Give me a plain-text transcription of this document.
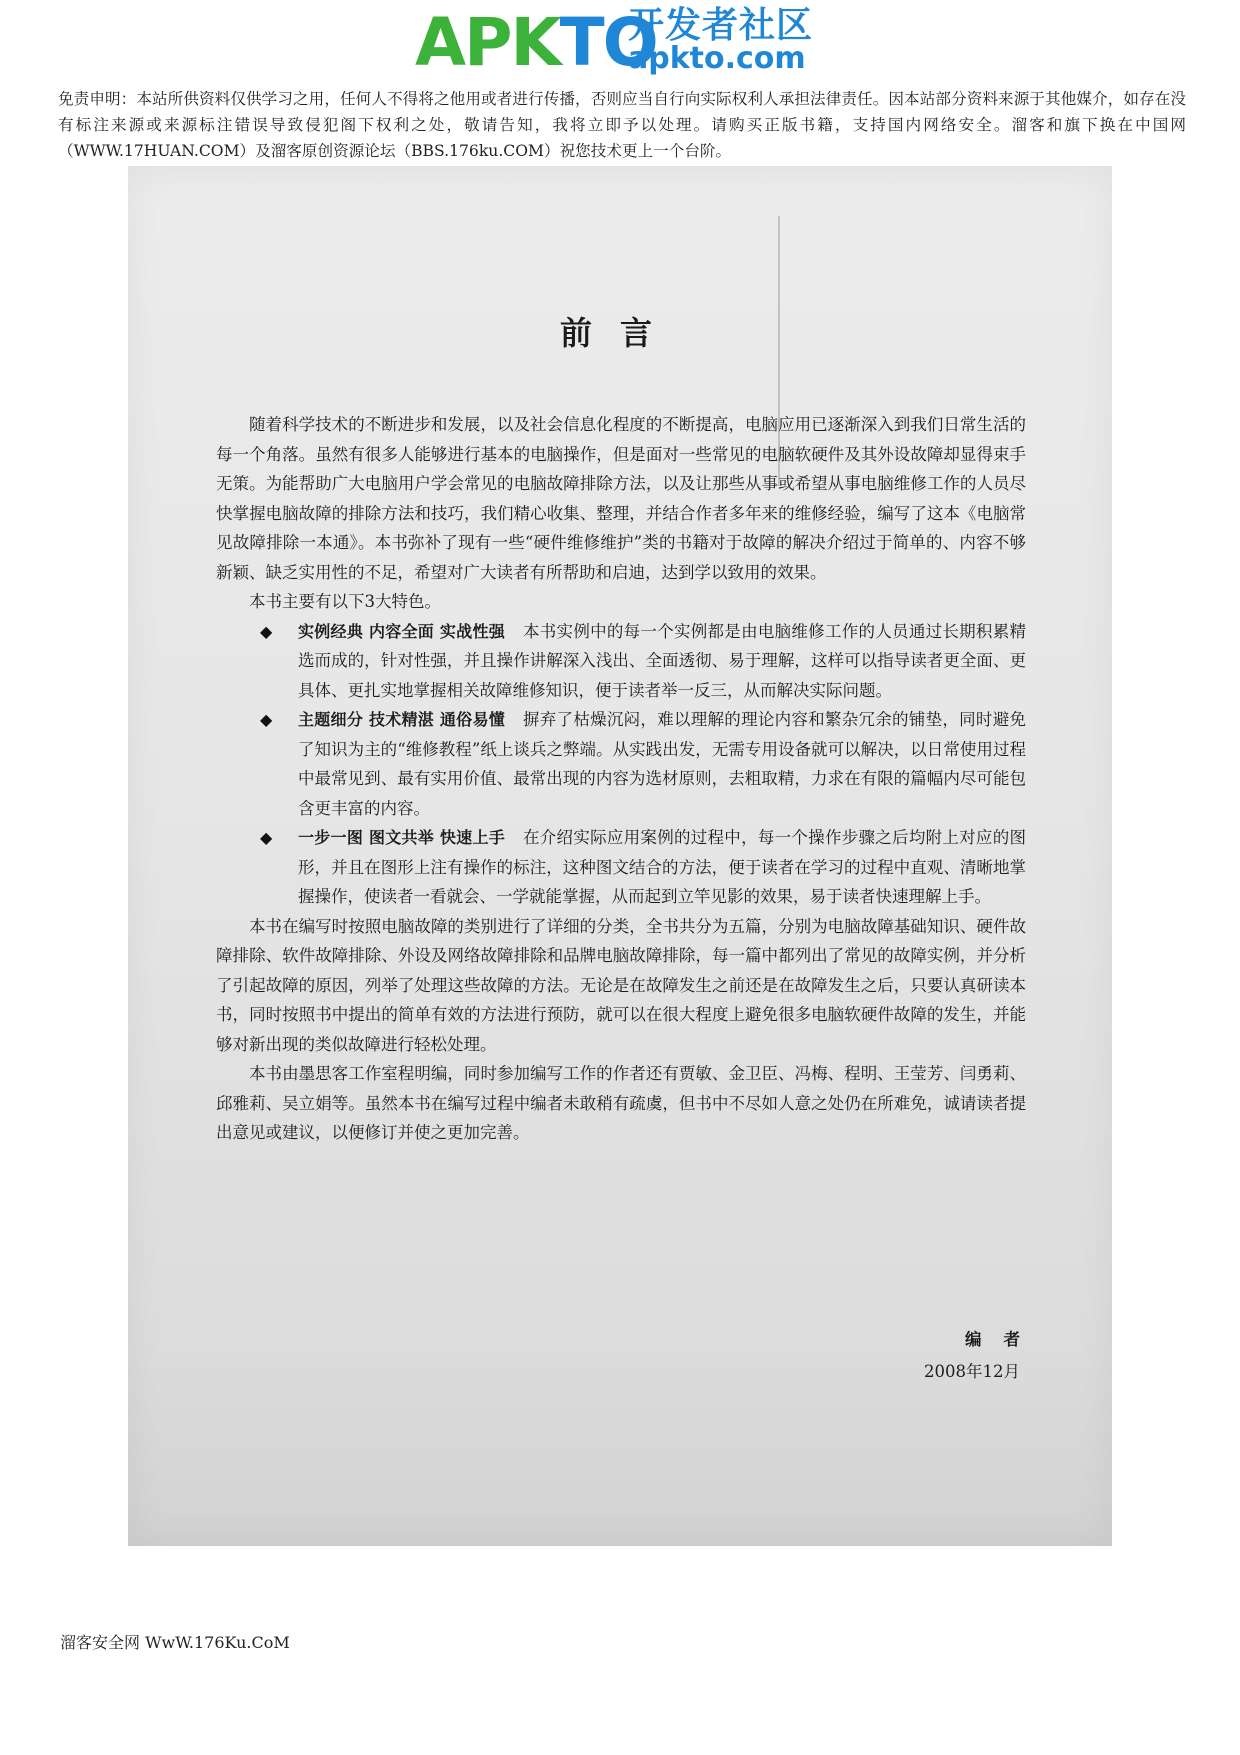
APKTO
开发者社区
apkto.com
免责申明：本站所供资料仅供学习之用，任何人不得将之他用或者进行传播，否则应当自行向实际权利人承担法律责任。因本站部分资料来源于其他媒介，如存在没有标注来源或来源标注错误导致侵犯阁下权利之处，敬请告知，我将立即予以处理。请购买正版书籍，支持国内网络安全。溜客和旗下换在中国网（WWW.17HUAN.COM）及溜客原创资源论坛（BBS.176ku.COM）祝您技术更上一个台阶。
前言

随着科学技术的不断进步和发展，以及社会信息化程度的不断提高，电脑应用已逐渐深入到我们日常生活的每一个角落。虽然有很多人能够进行基本的电脑操作，但是面对一些常见的电脑软硬件及其外设故障却显得束手无策。为能帮助广大电脑用户学会常见的电脑故障排除方法，以及让那些从事或希望从事电脑维修工作的人员尽快掌握电脑故障的排除方法和技巧，我们精心收集、整理，并结合作者多年来的维修经验，编写了这本《电脑常见故障排除一本通》。本书弥补了现有一些“硬件维修维护”类的书籍对于故障的解决介绍过于简单的、内容不够新颖、缺乏实用性的不足，希望对广大读者有所帮助和启迪，达到学以致用的效果。

本书主要有以下3大特色。

◆ 实例经典 内容全面 实战性强 本书实例中的每一个实例都是由电脑维修工作的人员通过长期积累精选而成的，针对性强，并且操作讲解深入浅出、全面透彻、易于理解，这样可以指导读者更全面、更具体、更扎实地掌握相关故障维修知识，便于读者举一反三，从而解决实际问题。

◆ 主题细分 技术精湛 通俗易懂 摒弃了枯燥沉闷，难以理解的理论内容和繁杂冗余的铺垫，同时避免了知识为主的“维修教程”纸上谈兵之弊端。从实践出发，无需专用设备就可以解决，以日常使用过程中最常见到、最有实用价值、最常出现的内容为选材原则，去粗取精，力求在有限的篇幅内尽可能包含更丰富的内容。

◆ 一步一图 图文共举 快速上手 在介绍实际应用案例的过程中，每一个操作步骤之后均附上对应的图形，并且在图形上注有操作的标注，这种图文结合的方法，便于读者在学习的过程中直观、清晰地掌握操作，使读者一看就会、一学就能掌握，从而起到立竿见影的效果，易于读者快速理解上手。

本书在编写时按照电脑故障的类别进行了详细的分类，全书共分为五篇，分别为电脑故障基础知识、硬件故障排除、软件故障排除、外设及网络故障排除和品牌电脑故障排除，每一篇中都列出了常见的故障实例，并分析了引起故障的原因，列举了处理这些故障的方法。无论是在故障发生之前还是在故障发生之后，只要认真研读本书，同时按照书中提出的简单有效的方法进行预防，就可以在很大程度上避免很多电脑软硬件故障的发生，并能够对新出现的类似故障进行轻松处理。

本书由墨思客工作室程明编，同时参加编写工作的作者还有贾敏、金卫臣、冯梅、程明、王莹芳、闫勇莉、邱雅莉、吴立娟等。虽然本书在编写过程中编者未敢稍有疏虞，但书中不尽如人意之处仍在所难免，诚请读者提出意见或建议，以便修订并使之更加完善。

编者
2008年12月
溜客安全网 WwW.176Ku.CoM
